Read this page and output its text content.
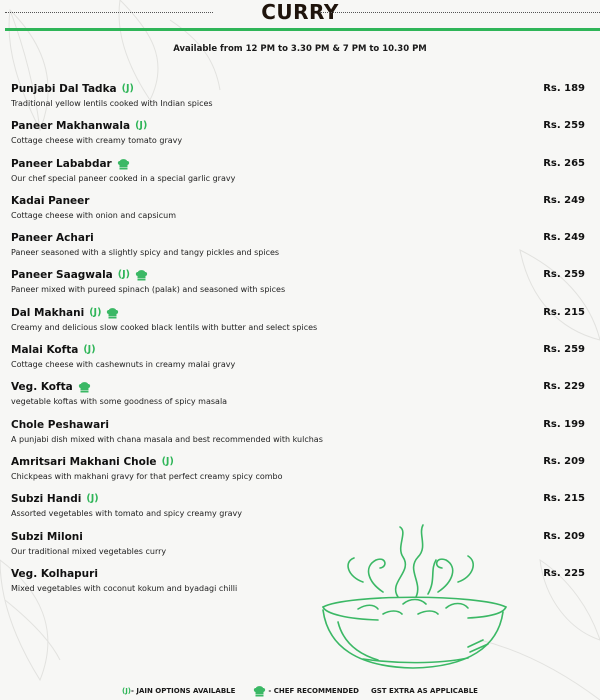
CURRY
Available from 12 PM to 3.30 PM & 7 PM to 10.30 PM
Punjabi Dal Tadka (J)
Traditional yellow lentils cooked with Indian spices
Rs. 189
Paneer Makhanwala (J)
Cottage cheese with creamy tomato gravy
Rs. 259
Paneer Lababdar
Our chef special paneer cooked in a special garlic gravy
Rs. 265
Kadai Paneer
Cottage cheese with onion and capsicum
Rs. 249
Paneer Achari
Paneer seasoned with a slightly spicy and tangy pickles and spices
Rs. 249
Paneer Saagwala (J)
Paneer mixed with pureed spinach (palak) and seasoned with spices
Rs. 259
Dal Makhani (J)
Creamy and delicious slow cooked black lentils with butter and select spices
Rs. 215
Malai Kofta (J)
Cottage cheese with cashewnuts in creamy malai gravy
Rs. 259
Veg. Kofta
vegetable koftas with some goodness of spicy masala
Rs. 229
Chole Peshawari
A punjabi dish mixed with chana masala and best recommended with kulchas
Rs. 199
Amritsari Makhani Chole (J)
Chickpeas with makhani gravy for that perfect creamy spicy combo
Rs. 209
Subzi Handi (J)
Assorted vegetables with tomato and spicy creamy gravy
Rs. 215
Subzi Miloni
Our traditional mixed vegetables curry
Rs. 209
Veg. Kolhapuri
Mixed vegetables with coconut kokum and byadagi chilli
Rs. 225
(J) - JAIN OPTIONS AVAILABLE	- CHEF RECOMMENDED GST EXTRA AS APPLICABLE
